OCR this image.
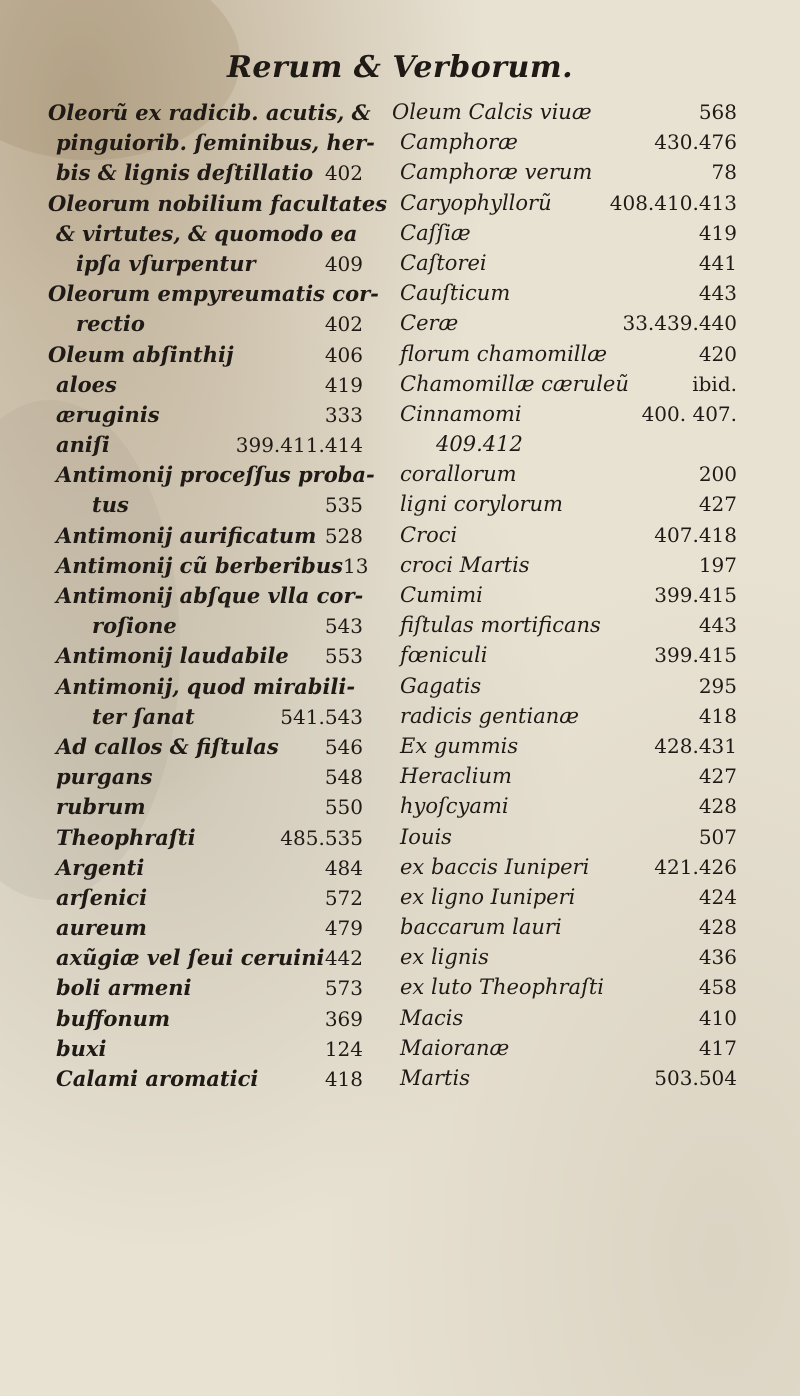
Rerum & Verborum.
Oleorũ ex radicib. acutis, &
pinguiorib. ſeminibus, her-
bis & lignis deſtillatio 402
Oleorum nobilium facultates
& virtutes, & quomodo ea
ipſa vſurpentur	409
Oleorum empyreumatis cor-
rectio	402
Oleum abſinthij	406
aloes	419
æruginis	333
aniſi	399.411.414
Antimonij proceſſus proba-
tus	535
Antimonij aurificatum 528
Antimonij cũ berberibus 13
Antimonij abſque vlla cor-
roſione	543
Antimonij laudabile 553
Antimonij, quod mirabili-
ter ſanat	541.543
Ad callos & fiſtulas 546
purgans	548
rubrum	550
Theophraſti	485.535
Argenti	484
arſenici	572
aureum	479
axũgiæ vel ſeui ceruini 442
boli armeni	573
buffonum	369
buxi	124
Calami aromatici	418
Oleum Calcis viuæ	568
Camphoræ	430.476
Camphoræ verum	78
Caryophyllorũ	408.410.413
Caſſiæ	419
Caſtorei	441
Cauſticum	443
Ceræ	33.439.440
florum chamomillæ	420
Chamomillæ cæruleũ	ibid.
Cinnamomi	400. 407.
409.412
corallorum	200
ligni corylorum	427
Croci	407.418
croci Martis	197
Cumimi	399.415
fiſtulas mortificans	443
fœniculi	399.415
Gagatis	295
radicis gentianæ	418
Ex gummis	428.431
Heraclium	427
hyoſcyami	428
Iouis	507
ex baccis Iuniperi	421.426
ex ligno Iuniperi	424
baccarum lauri	428
ex lignis	436
ex luto Theophraſti	458
Macis	410
Maioranæ	417
Martis	503.504
